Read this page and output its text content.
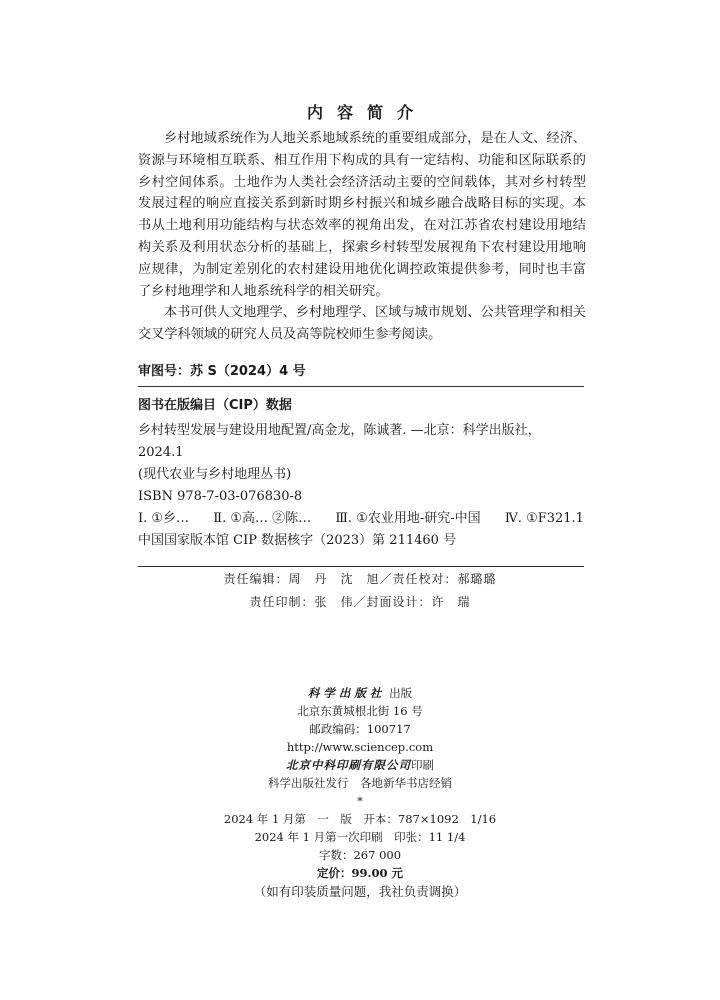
内容简介

乡村地域系统作为人地关系地域系统的重要组成部分，是在人文、经济、资源与环境相互联系、相互作用下构成的具有一定结构、功能和区际联系的乡村空间体系。土地作为人类社会经济活动主要的空间载体，其对乡村转型发展过程的响应直接关系到新时期乡村振兴和城乡融合战略目标的实现。本书从土地利用功能结构与状态效率的视角出发，在对江苏省农村建设用地结构关系及利用状态分析的基础上，探索乡村转型发展视角下农村建设用地响应规律，为制定差别化的农村建设用地优化调控政策提供参考，同时也丰富了乡村地理学和人地系统科学的相关研究。

本书可供人文地理学、乡村地理学、区域与城市规划、公共管理学和相关交叉学科领域的研究人员及高等院校师生参考阅读。

审图号：苏 S（2024）4 号
图书在版编目（CIP）数据
乡村转型发展与建设用地配置/高金龙，陈诚著. —北京：科学出版社，
2024.1
(现代农业与乡村地理丛书)
ISBN 978-7-03-076830-8
Ⅰ. ①乡… Ⅱ. ①高… ②陈… Ⅲ. ①农业用地-研究-中国 Ⅳ. ①F321.1
中国国家版本馆 CIP 数据核字（2023）第 211460 号
责任编辑：周　丹　沈　旭／责任校对：郝璐璐
责任印制：张　伟／封面设计：许　瑞
科学出版社 出版
北京东黄城根北街 16 号
邮政编码：100717
http://www.sciencep.com
北京中科印刷有限公司印刷
科学出版社发行　各地新华书店经销
*
2024 年 1 月第　一　版　开本：787×1092　1/16
2024 年 1 月第一次印刷　印张：11 1/4
字数：267 000
定价：99.00 元
（如有印装质量问题，我社负责调换）
